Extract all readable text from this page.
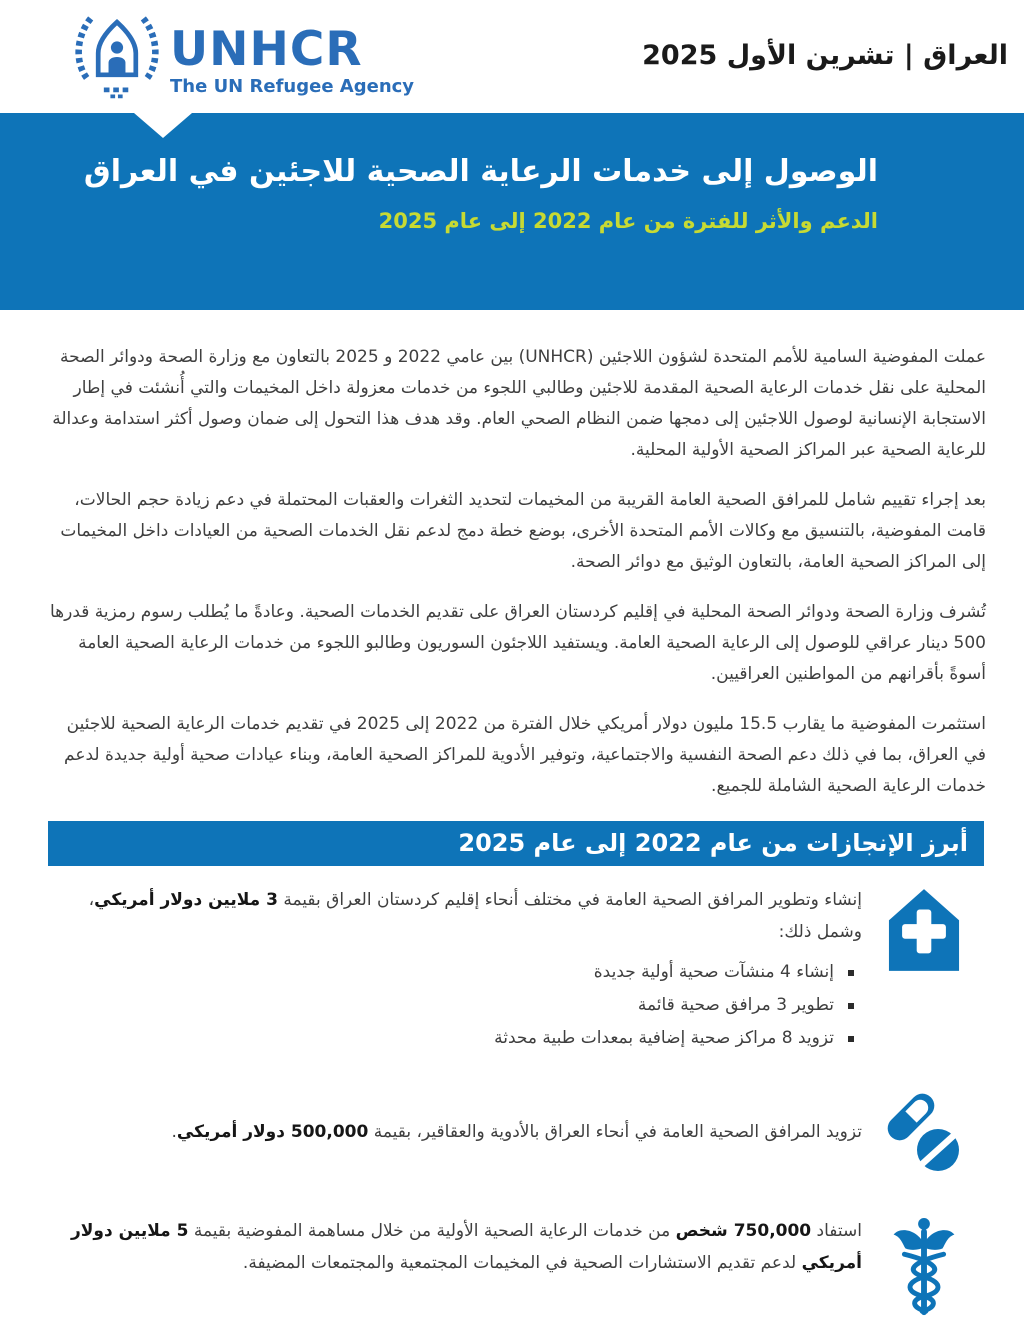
UNHCR
The UN Refugee Agency
العراق | تشرين الأول 2025
الوصول إلى خدمات الرعاية الصحية للاجئين في العراق

الدعم والأثر للفترة من عام 2022 إلى عام 2025

عملت المفوضية السامية للأمم المتحدة لشؤون اللاجئين (UNHCR) بين عامي 2022 و 2025 بالتعاون مع وزارة الصحة ودوائر الصحة المحلية على نقل خدمات الرعاية الصحية المقدمة للاجئين وطالبي اللجوء من خدمات معزولة داخل المخيمات والتي أُنشئت في إطار الاستجابة الإنسانية لوصول اللاجئين إلى دمجها ضمن النظام الصحي العام. وقد هدف هذا التحول إلى ضمان وصول أكثر استدامة وعدالة للرعاية الصحية عبر المراكز الصحية الأولية المحلية.

بعد إجراء تقييم شامل للمرافق الصحية العامة القريبة من المخيمات لتحديد الثغرات والعقبات المحتملة في دعم زيادة حجم الحالات، قامت المفوضية، بالتنسيق مع وكالات الأمم المتحدة الأخرى، بوضع خطة دمج لدعم نقل الخدمات الصحية من العيادات داخل المخيمات إلى المراكز الصحية العامة، بالتعاون الوثيق مع دوائر الصحة.

تُشرف وزارة الصحة ودوائر الصحة المحلية في إقليم كردستان العراق على تقديم الخدمات الصحية. وعادةً ما يُطلب رسوم رمزية قدرها 500 دينار عراقي للوصول إلى الرعاية الصحية العامة. ويستفيد اللاجئون السوريون وطالبو اللجوء من خدمات الرعاية الصحية العامة أسوةً بأقرانهم من المواطنين العراقيين.

استثمرت المفوضية ما يقارب 15.5 مليون دولار أمريكي خلال الفترة من 2022 إلى 2025 في تقديم خدمات الرعاية الصحية للاجئين في العراق، بما في ذلك دعم الصحة النفسية والاجتماعية، وتوفير الأدوية للمراكز الصحية العامة، وبناء عيادات صحية أولية جديدة لدعم خدمات الرعاية الصحية الشاملة للجميع.

أبرز الإنجازات من عام 2022 إلى عام 2025

إنشاء وتطوير المرافق الصحية العامة في مختلف أنحاء إقليم كردستان العراق بقيمة 3 ملايين دولار أمريكي، وشمل ذلك:

إنشاء 4 منشآت صحية أولية جديدة
تطوير 3 مرافق صحية قائمة
تزويد 8 مراكز صحية إضافية بمعدات طبية محدثة

تزويد المرافق الصحية العامة في أنحاء العراق بالأدوية والعقاقير، بقيمة 500,000 دولار أمريكي.

استفاد 750,000 شخص من خدمات الرعاية الصحية الأولية من خلال مساهمة المفوضية بقيمة 5 ملايين دولار أمريكي لدعم تقديم الاستشارات الصحية في المخيمات المجتمعية والمجتمعات المضيفة.
